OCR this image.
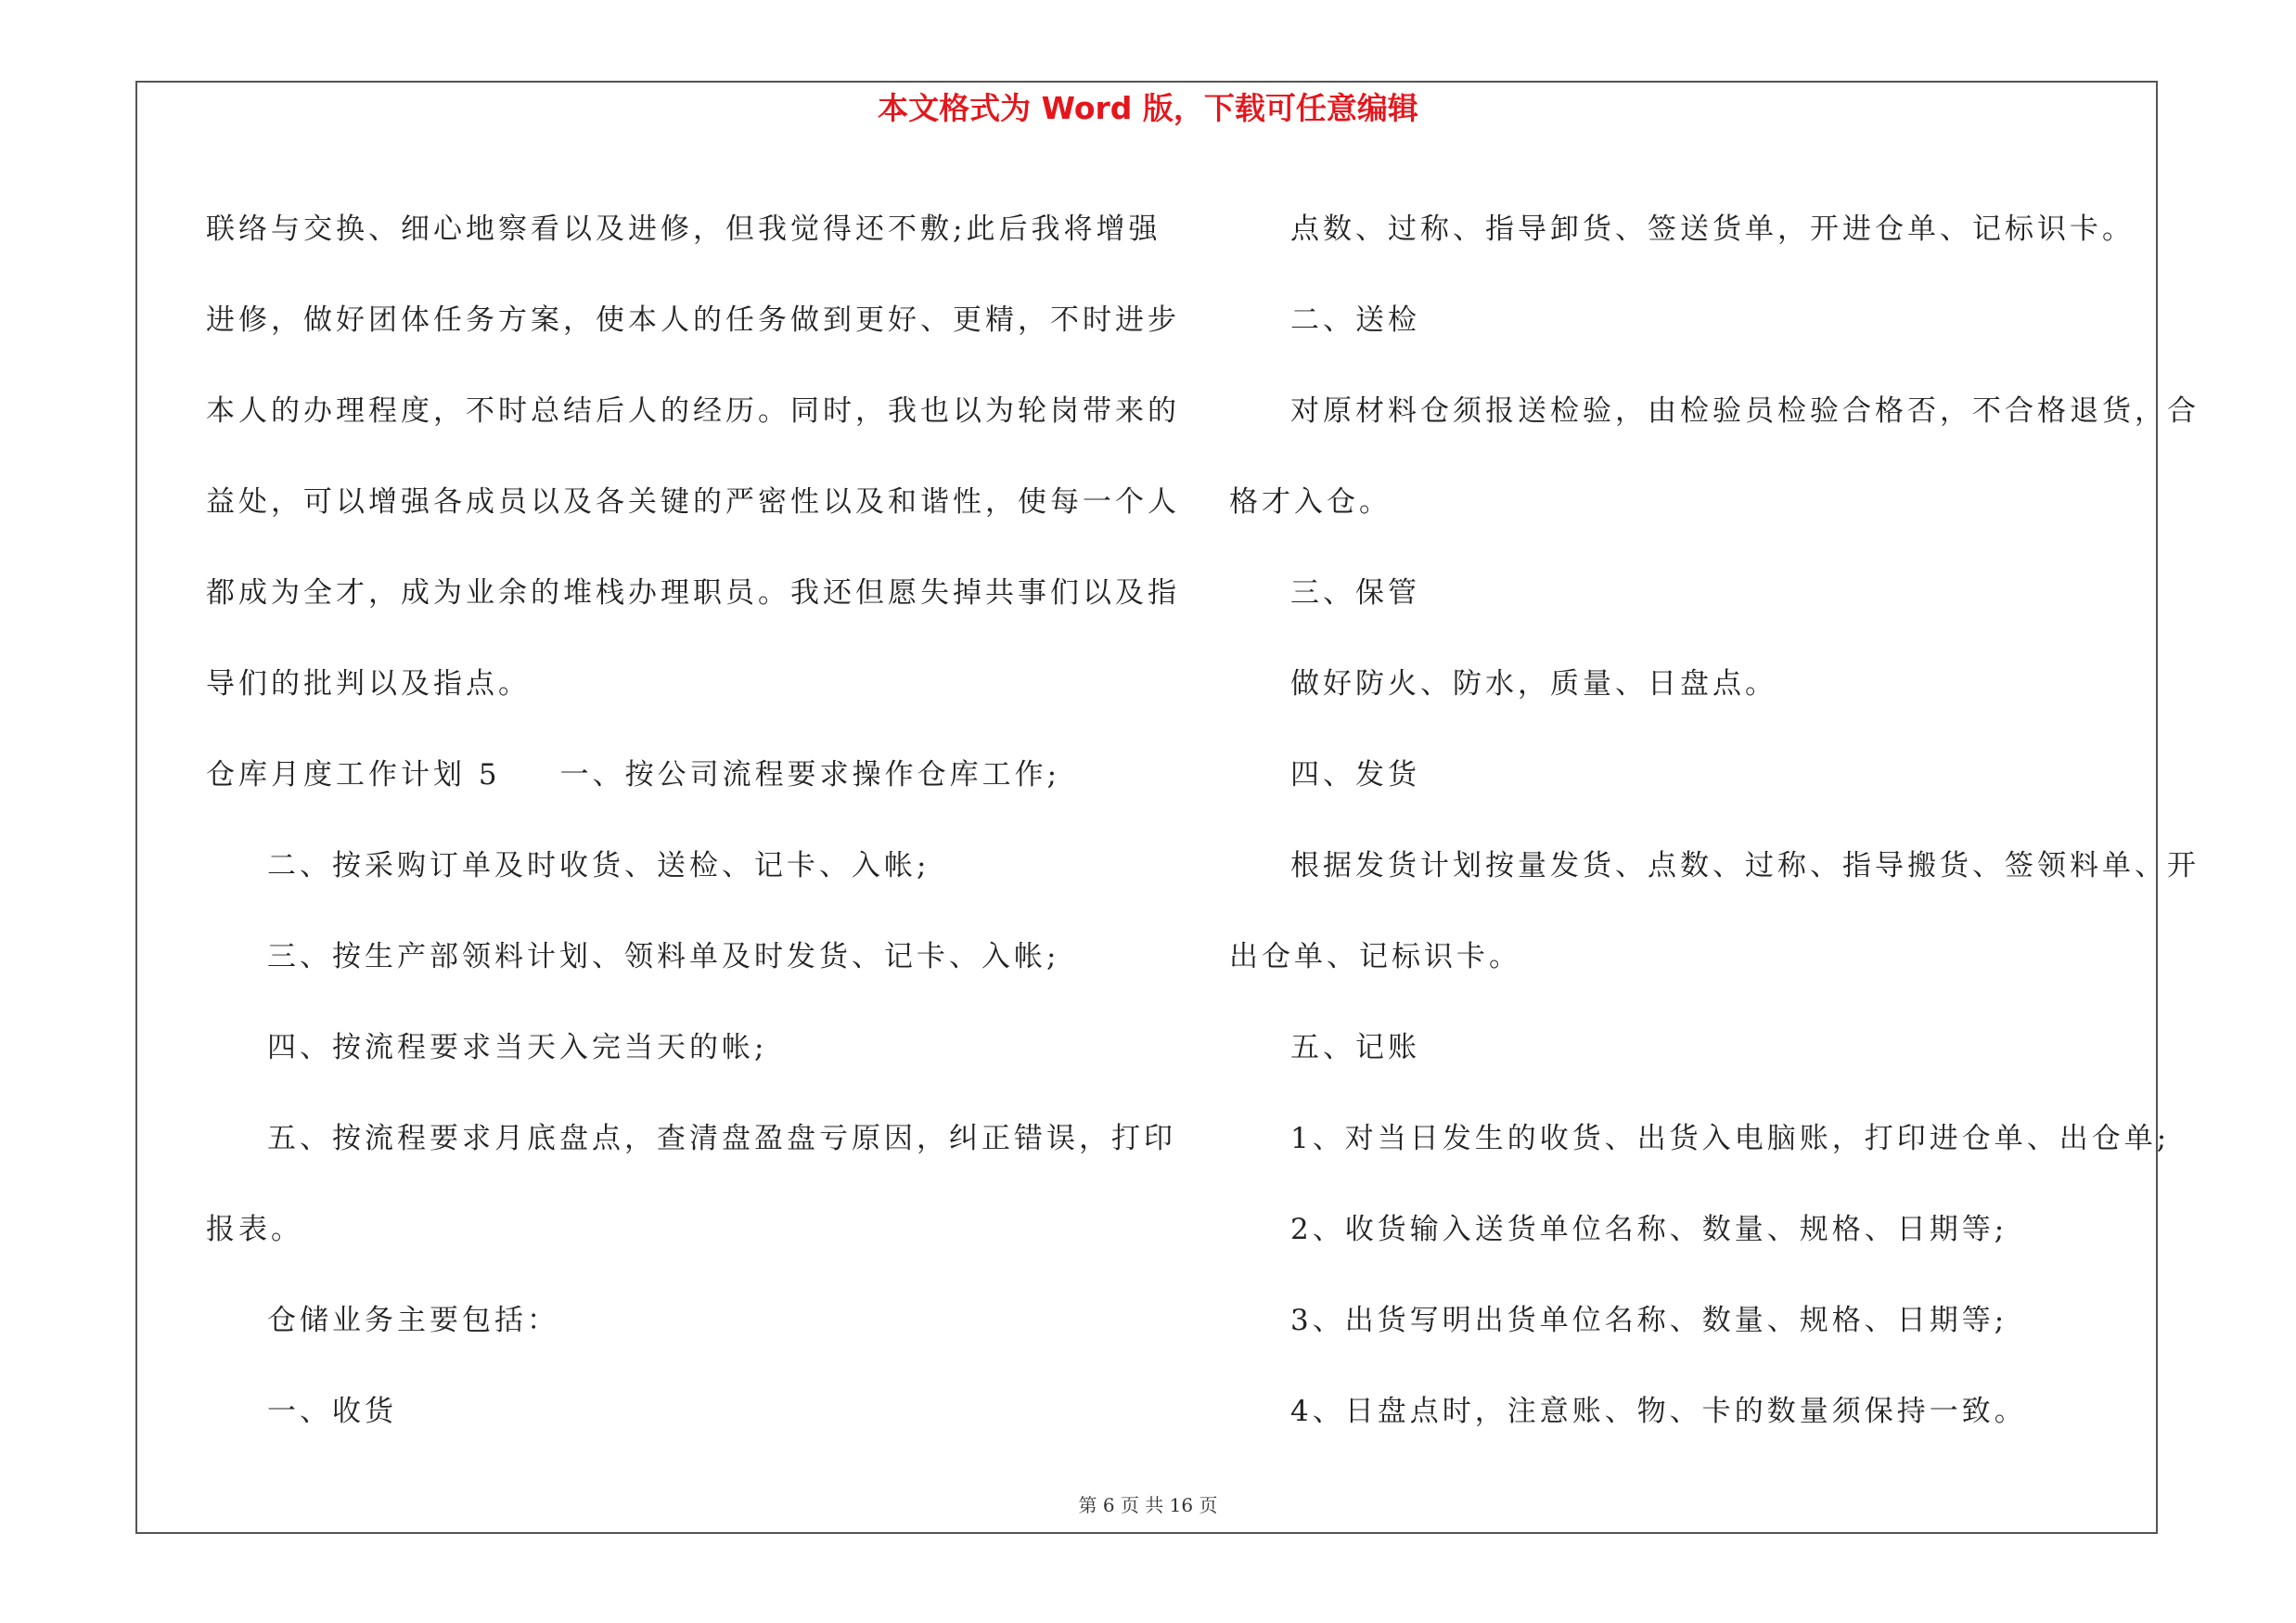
本文格式为 Word 版，下载可任意编辑
联络与交换、细心地察看以及进修，但我觉得还不敷;此后我将增强
进修，做好团体任务方案，使本人的任务做到更好、更精，不时进步
本人的办理程度，不时总结后人的经历。同时，我也以为轮岗带来的
益处，可以增强各成员以及各关键的严密性以及和谐性，使每一个人
都成为全才，成为业余的堆栈办理职员。我还但愿失掉共事们以及指
导们的批判以及指点。
仓库月度工作计划 5 一、按公司流程要求操作仓库工作;
二、按采购订单及时收货、送检、记卡、入帐;
三、按生产部领料计划、领料单及时发货、记卡、入帐;
四、按流程要求当天入完当天的帐;
五、按流程要求月底盘点，查清盘盈盘亏原因，纠正错误，打印
报表。
仓储业务主要包括：
一、收货
点数、过称、指导卸货、签送货单，开进仓单、记标识卡。
二、送检
对原材料仓须报送检验，由检验员检验合格否，不合格退货，合
格才入仓。
三、保管
做好防火、防水，质量、日盘点。
四、发货
根据发货计划按量发货、点数、过称、指导搬货、签领料单、开
出仓单、记标识卡。
五、记账
1、对当日发生的收货、出货入电脑账，打印进仓单、出仓单;
2、收货输入送货单位名称、数量、规格、日期等;
3、出货写明出货单位名称、数量、规格、日期等;
4、日盘点时，注意账、物、卡的数量须保持一致。
第 6 页 共 16 页
